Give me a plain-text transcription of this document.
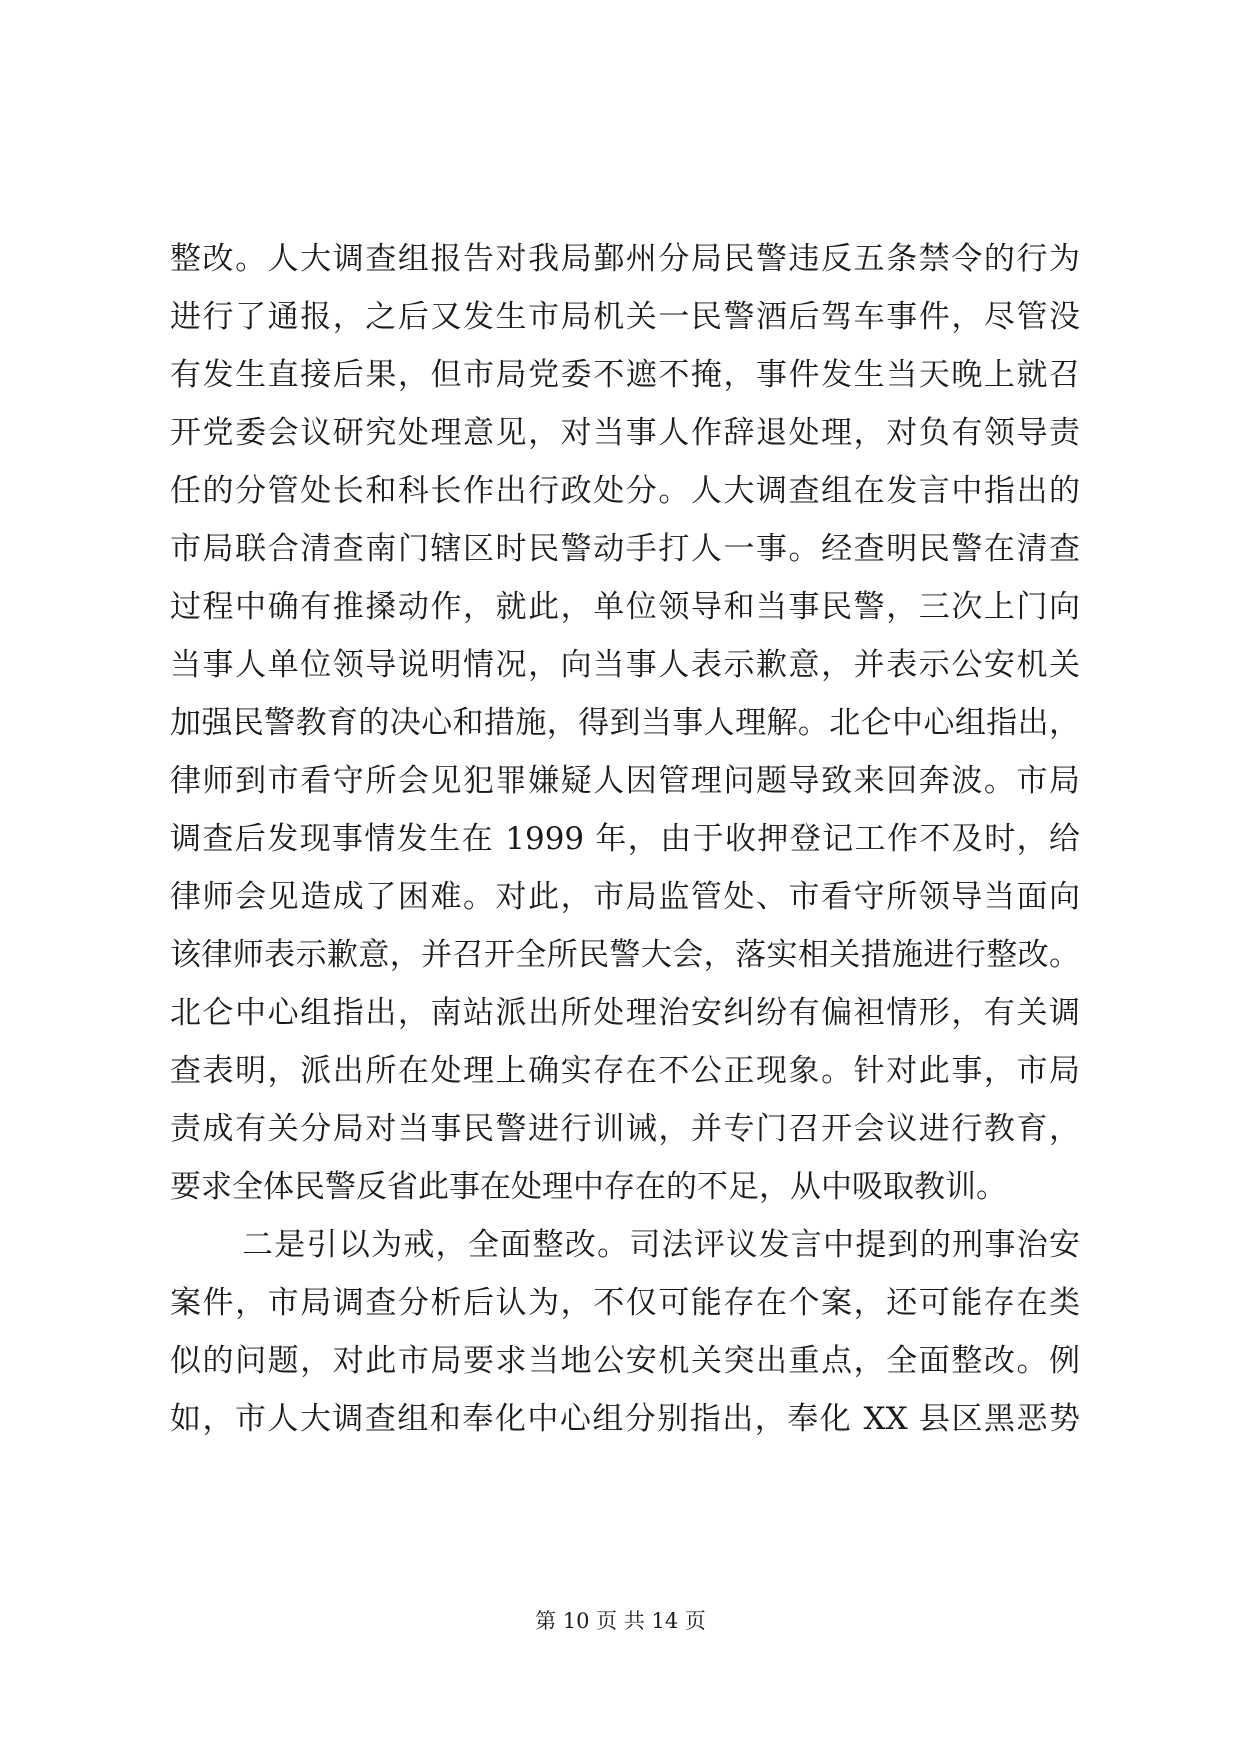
整改。人大调查组报告对我局鄞州分局民警违反五条禁令的行为
进行了通报，之后又发生市局机关一民警酒后驾车事件，尽管没
有发生直接后果，但市局党委不遮不掩，事件发生当天晚上就召
开党委会议研究处理意见，对当事人作辞退处理，对负有领导责
任的分管处长和科长作出行政处分。人大调查组在发言中指出的
市局联合清查南门辖区时民警动手打人一事。经查明民警在清查
过程中确有推搡动作，就此，单位领导和当事民警，三次上门向
当事人单位领导说明情况，向当事人表示歉意，并表示公安机关
加强民警教育的决心和措施，得到当事人理解。北仑中心组指出，
律师到市看守所会见犯罪嫌疑人因管理问题导致来回奔波。市局
调查后发现事情发生在 1999 年，由于收押登记工作不及时，给
律师会见造成了困难。对此，市局监管处、市看守所领导当面向
该律师表示歉意，并召开全所民警大会，落实相关措施进行整改。
北仑中心组指出，南站派出所处理治安纠纷有偏袒情形，有关调
查表明，派出所在处理上确实存在不公正现象。针对此事，市局
责成有关分局对当事民警进行训诫，并专门召开会议进行教育，
要求全体民警反省此事在处理中存在的不足，从中吸取教训。
二是引以为戒，全面整改。司法评议发言中提到的刑事治安
案件，市局调查分析后认为，不仅可能存在个案，还可能存在类
似的问题，对此市局要求当地公安机关突出重点，全面整改。例
如，市人大调查组和奉化中心组分别指出，奉化 XX 县区黑恶势
第 10 页 共 14 页
